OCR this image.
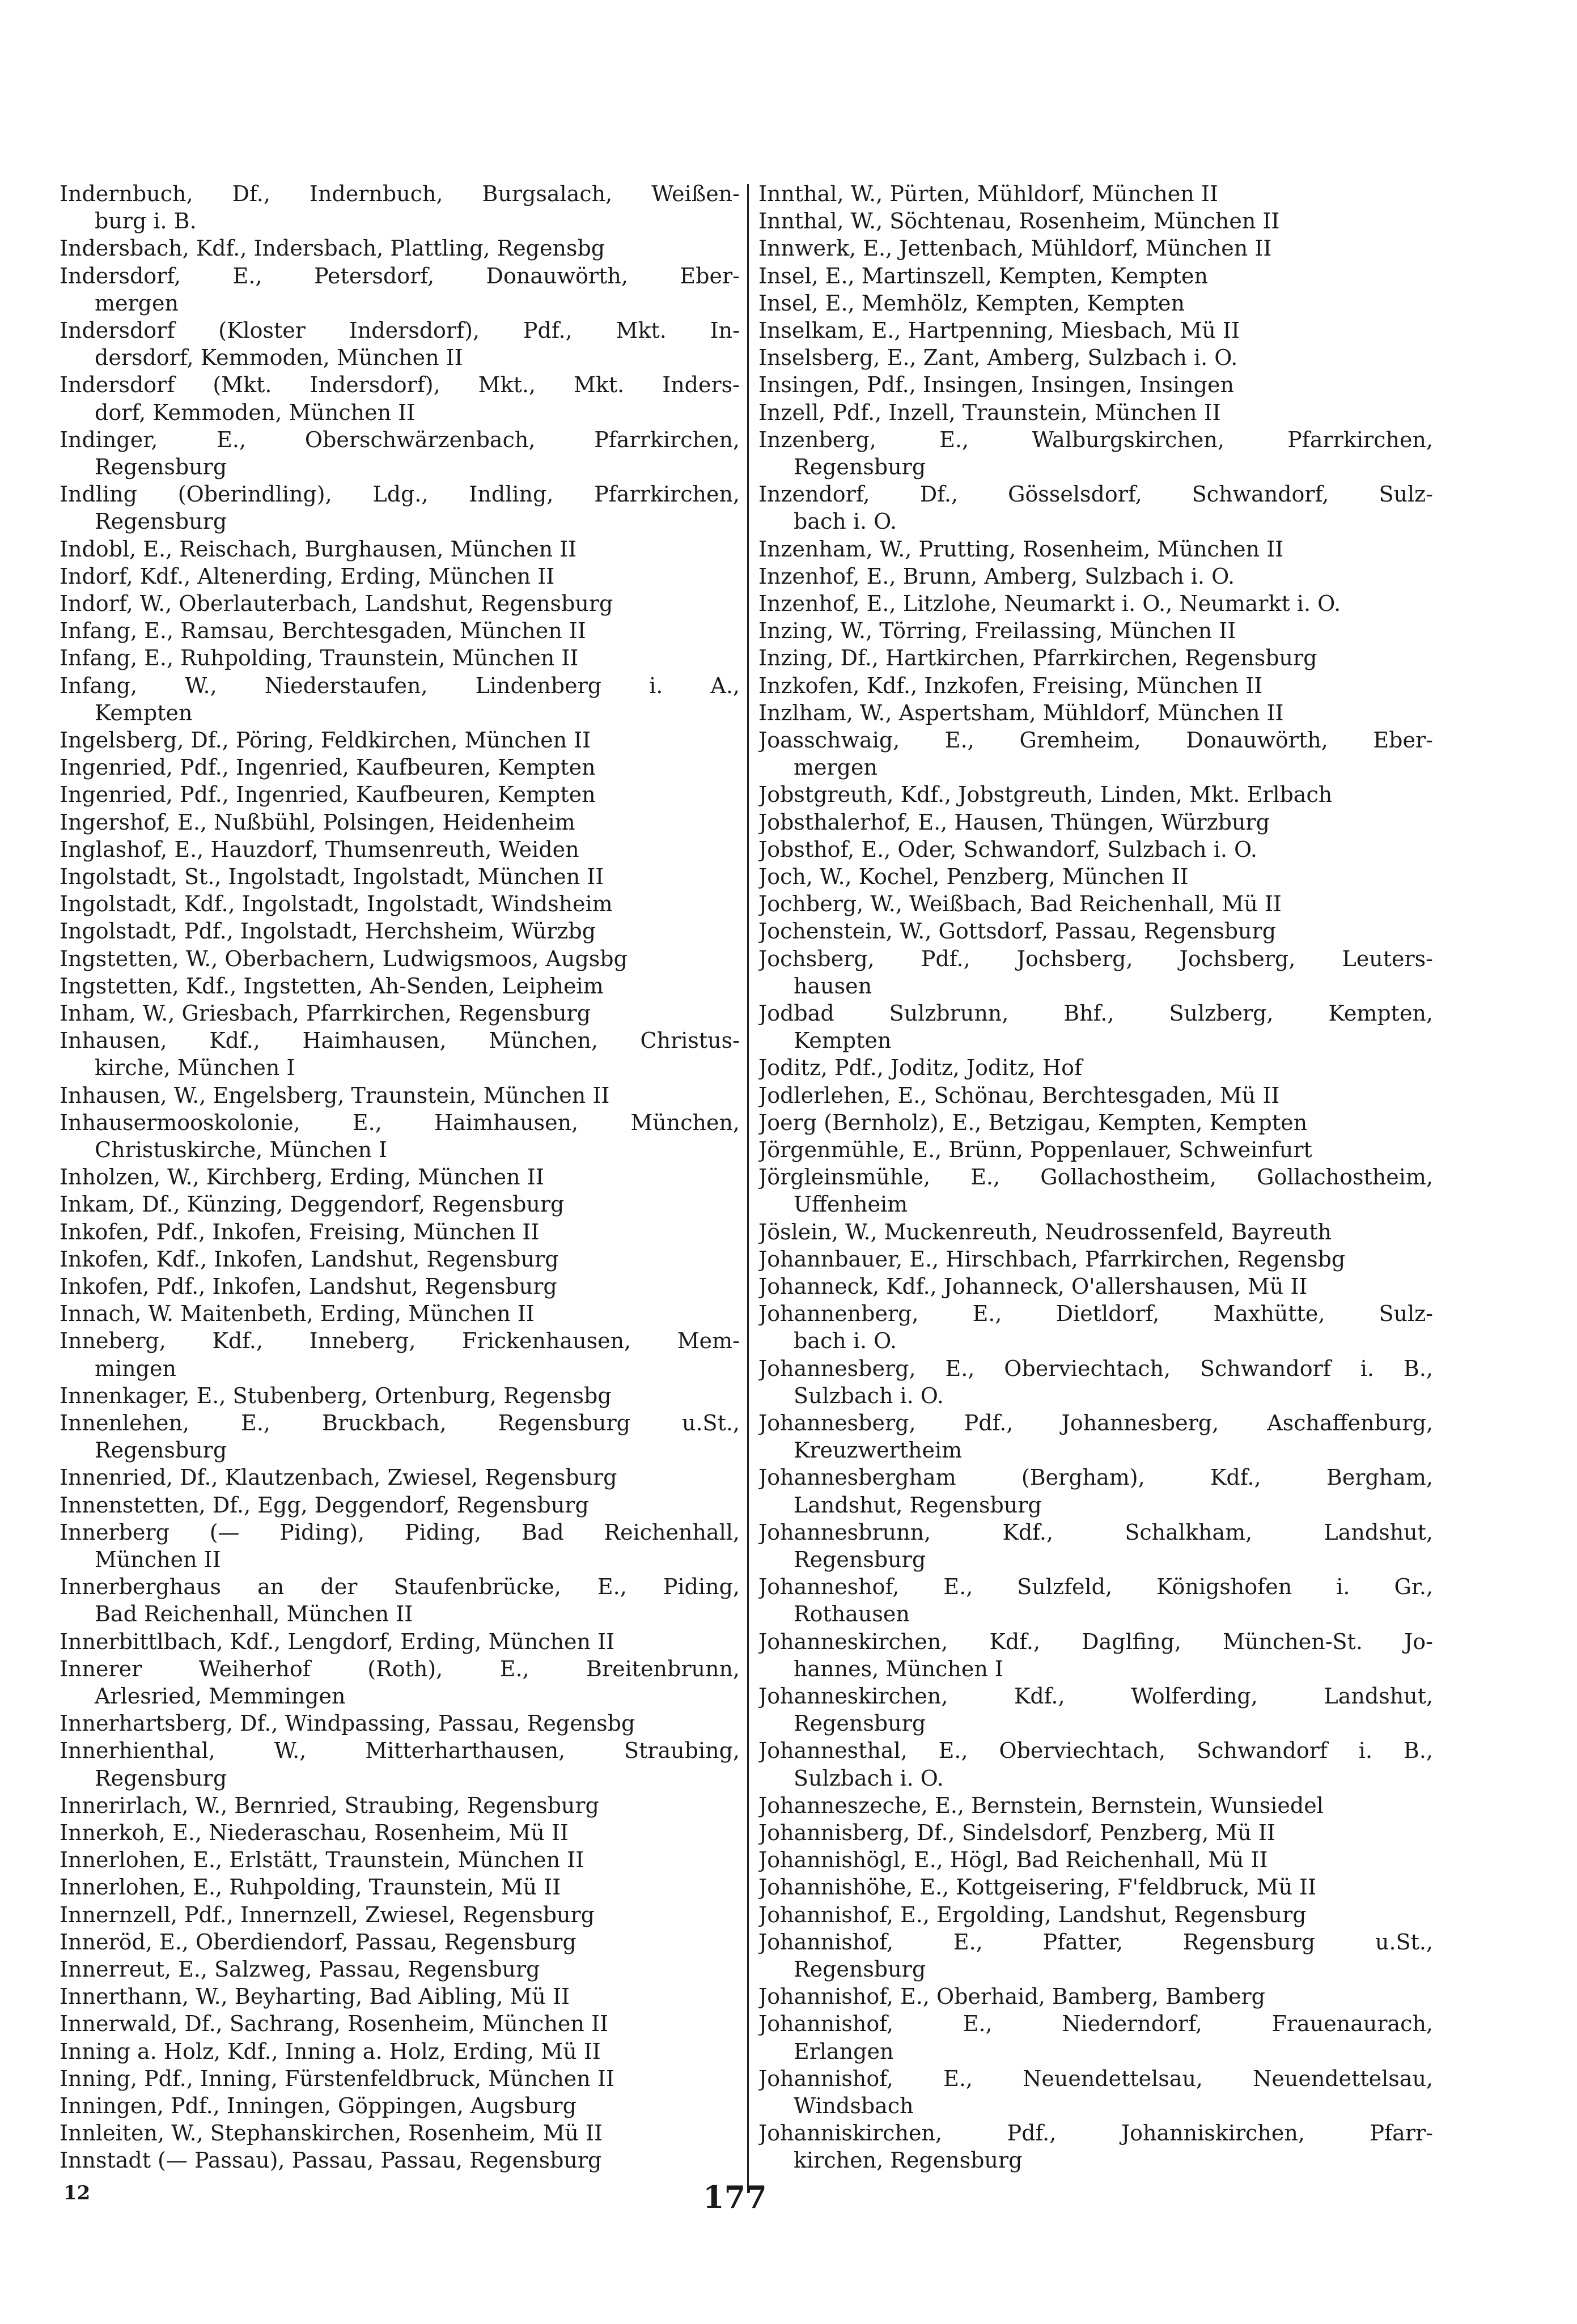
Indernbuch, Df., Indernbuch, Burgsalach, Weißen-
burg i. B.
Indersbach, Kdf., Indersbach, Plattling, Regensbg
Indersdorf, E., Petersdorf, Donauwörth, Eber-
mergen
Indersdorf (Kloster Indersdorf), Pdf., Mkt. In-
dersdorf, Kemmoden, München II
Indersdorf (Mkt. Indersdorf), Mkt., Mkt. Inders-
dorf, Kemmoden, München II
Indinger, E., Oberschwärzenbach, Pfarrkirchen,
Regensburg
Indling (Oberindling), Ldg., Indling, Pfarrkirchen,
Regensburg
Indobl, E., Reischach, Burghausen, München II
Indorf, Kdf., Altenerding, Erding, München II
Indorf, W., Oberlauterbach, Landshut, Regensburg
Infang, E., Ramsau, Berchtesgaden, München II
Infang, E., Ruhpolding, Traunstein, München II
Infang, W., Niederstaufen, Lindenberg i. A.,
Kempten
Ingelsberg, Df., Pöring, Feldkirchen, München II
Ingenried, Pdf., Ingenried, Kaufbeuren, Kempten
Ingenried, Pdf., Ingenried, Kaufbeuren, Kempten
Ingershof, E., Nußbühl, Polsingen, Heidenheim
Inglashof, E., Hauzdorf, Thumsenreuth, Weiden
Ingolstadt, St., Ingolstadt, Ingolstadt, München II
Ingolstadt, Kdf., Ingolstadt, Ingolstadt, Windsheim
Ingolstadt, Pdf., Ingolstadt, Herchsheim, Würzbg
Ingstetten, W., Oberbachern, Ludwigsmoos, Augsbg
Ingstetten, Kdf., Ingstetten, Ah-Senden, Leipheim
Inham, W., Griesbach, Pfarrkirchen, Regensburg
Inhausen, Kdf., Haimhausen, München, Christus-
kirche, München I
Inhausen, W., Engelsberg, Traunstein, München II
Inhausermooskolonie, E., Haimhausen, München,
Christuskirche, München I
Inholzen, W., Kirchberg, Erding, München II
Inkam, Df., Künzing, Deggendorf, Regensburg
Inkofen, Pdf., Inkofen, Freising, München II
Inkofen, Kdf., Inkofen, Landshut, Regensburg
Inkofen, Pdf., Inkofen, Landshut, Regensburg
Innach, W. Maitenbeth, Erding, München II
Inneberg, Kdf., Inneberg, Frickenhausen, Mem-
mingen
Innenkager, E., Stubenberg, Ortenburg, Regensbg
Innenlehen, E., Bruckbach, Regensburg u.St.,
Regensburg
Innenried, Df., Klautzenbach, Zwiesel, Regensburg
Innenstetten, Df., Egg, Deggendorf, Regensburg
Innerberg (— Piding), Piding, Bad Reichenhall,
München II
Innerberghaus an der Staufenbrücke, E., Piding,
Bad Reichenhall, München II
Innerbittlbach, Kdf., Lengdorf, Erding, München II
Innerer Weiherhof (Roth), E., Breitenbrunn,
Arlesried, Memmingen
Innerhartsberg, Df., Windpassing, Passau, Regensbg
Innerhienthal, W., Mitterharthausen, Straubing,
Regensburg
Innerirlach, W., Bernried, Straubing, Regensburg
Innerkoh, E., Niederaschau, Rosenheim, Mü II
Innerlohen, E., Erlstätt, Traunstein, München II
Innerlohen, E., Ruhpolding, Traunstein, Mü II
Innernzell, Pdf., Innernzell, Zwiesel, Regensburg
Inneröd, E., Oberdiendorf, Passau, Regensburg
Innerreut, E., Salzweg, Passau, Regensburg
Innerthann, W., Beyharting, Bad Aibling, Mü II
Innerwald, Df., Sachrang, Rosenheim, München II
Inning a. Holz, Kdf., Inning a. Holz, Erding, Mü II
Inning, Pdf., Inning, Fürstenfeldbruck, München II
Inningen, Pdf., Inningen, Göppingen, Augsburg
Innleiten, W., Stephanskirchen, Rosenheim, Mü II
Innstadt (— Passau), Passau, Passau, Regensburg
Innthal, W., Pürten, Mühldorf, München II
Innthal, W., Söchtenau, Rosenheim, München II
Innwerk, E., Jettenbach, Mühldorf, München II
Insel, E., Martinszell, Kempten, Kempten
Insel, E., Memhölz, Kempten, Kempten
Inselkam, E., Hartpenning, Miesbach, Mü II
Inselsberg, E., Zant, Amberg, Sulzbach i. O.
Insingen, Pdf., Insingen, Insingen, Insingen
Inzell, Pdf., Inzell, Traunstein, München II
Inzenberg, E., Walburgskirchen, Pfarrkirchen,
Regensburg
Inzendorf, Df., Gösselsdorf, Schwandorf, Sulz-
bach i. O.
Inzenham, W., Prutting, Rosenheim, München II
Inzenhof, E., Brunn, Amberg, Sulzbach i. O.
Inzenhof, E., Litzlohe, Neumarkt i. O., Neumarkt i. O.
Inzing, W., Törring, Freilassing, München II
Inzing, Df., Hartkirchen, Pfarrkirchen, Regensburg
Inzkofen, Kdf., Inzkofen, Freising, München II
Inzlham, W., Aspertsham, Mühldorf, München II
Joasschwaig, E., Gremheim, Donauwörth, Eber-
mergen
Jobstgreuth, Kdf., Jobstgreuth, Linden, Mkt. Erlbach
Jobsthalerhof, E., Hausen, Thüngen, Würzburg
Jobsthof, E., Oder, Schwandorf, Sulzbach i. O.
Joch, W., Kochel, Penzberg, München II
Jochberg, W., Weißbach, Bad Reichenhall, Mü II
Jochenstein, W., Gottsdorf, Passau, Regensburg
Jochsberg, Pdf., Jochsberg, Jochsberg, Leuters-
hausen
Jodbad Sulzbrunn, Bhf., Sulzberg, Kempten,
Kempten
Joditz, Pdf., Joditz, Joditz, Hof
Jodlerlehen, E., Schönau, Berchtesgaden, Mü II
Joerg (Bernholz), E., Betzigau, Kempten, Kempten
Jörgenmühle, E., Brünn, Poppenlauer, Schweinfurt
Jörgleinsmühle, E., Gollachostheim, Gollachostheim,
Uffenheim
Jöslein, W., Muckenreuth, Neudrossenfeld, Bayreuth
Johannbauer, E., Hirschbach, Pfarrkirchen, Regensbg
Johanneck, Kdf., Johanneck, O'allershausen, Mü II
Johannenberg, E., Dietldorf, Maxhütte, Sulz-
bach i. O.
Johannesberg, E., Oberviechtach, Schwandorf i. B.,
Sulzbach i. O.
Johannesberg, Pdf., Johannesberg, Aschaffenburg,
Kreuzwertheim
Johannesbergham (Bergham), Kdf., Bergham,
Landshut, Regensburg
Johannesbrunn, Kdf., Schalkham, Landshut,
Regensburg
Johanneshof, E., Sulzfeld, Königshofen i. Gr.,
Rothausen
Johanneskirchen, Kdf., Daglfing, München-St. Jo-
hannes, München I
Johanneskirchen, Kdf., Wolferding, Landshut,
Regensburg
Johannesthal, E., Oberviechtach, Schwandorf i. B.,
Sulzbach i. O.
Johanneszeche, E., Bernstein, Bernstein, Wunsiedel
Johannisberg, Df., Sindelsdorf, Penzberg, Mü II
Johannishögl, E., Högl, Bad Reichenhall, Mü II
Johannishöhe, E., Kottgeisering, F'feldbruck, Mü II
Johannishof, E., Ergolding, Landshut, Regensburg
Johannishof, E., Pfatter, Regensburg u.St.,
Regensburg
Johannishof, E., Oberhaid, Bamberg, Bamberg
Johannishof, E., Niederndorf, Frauenaurach,
Erlangen
Johannishof, E., Neuendettelsau, Neuendettelsau,
Windsbach
Johanniskirchen, Pdf., Johanniskirchen, Pfarr-
kirchen, Regensburg
12	177
